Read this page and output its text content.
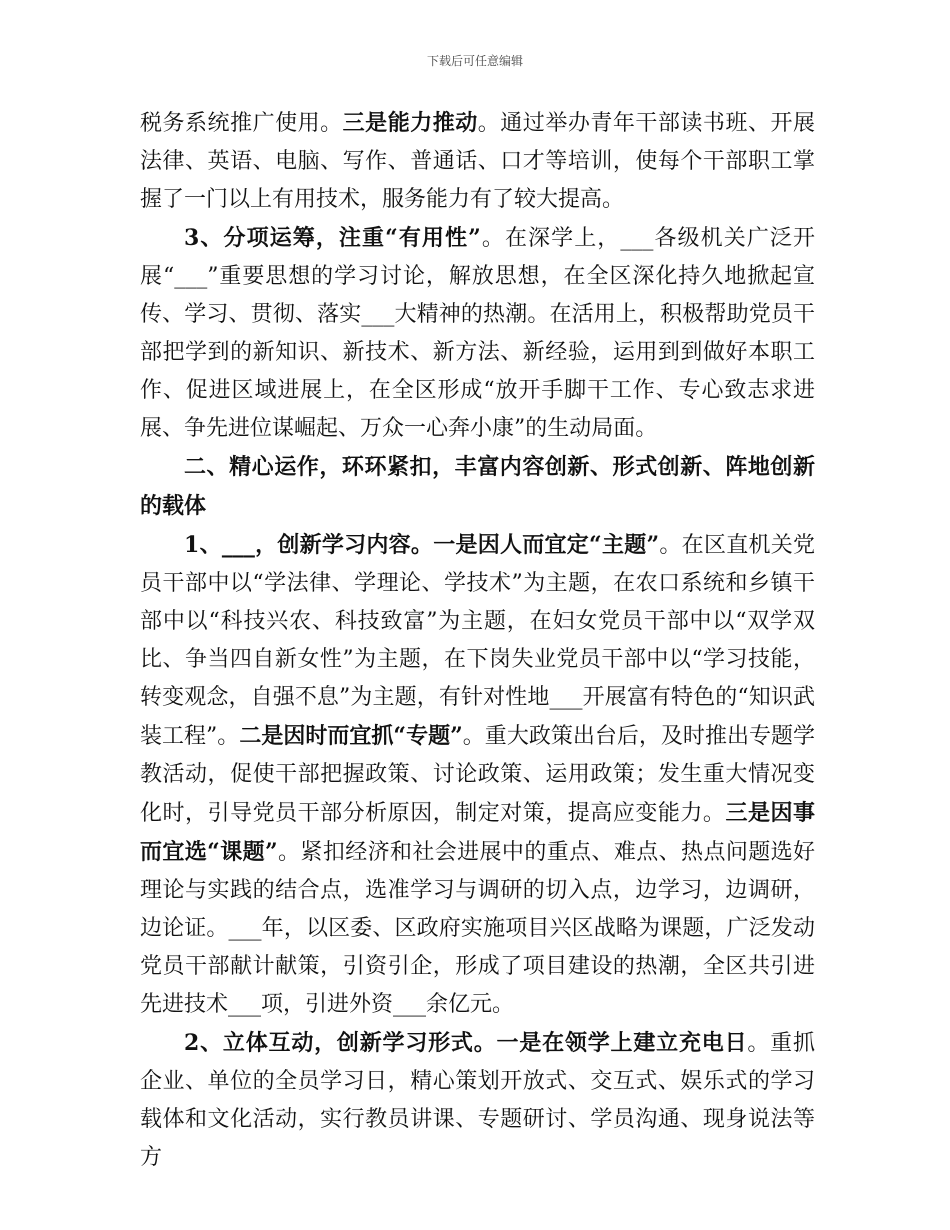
下载后可任意编辑

税务系统推广使用。三是能力推动。通过举办青年干部读书班、开展法律、英语、电脑、写作、普通话、口才等培训，使每个干部职工掌握了一门以上有用技术，服务能力有了较大提高。

3、分项运筹，注重“有用性”。在深学上，___各级机关广泛开展“___”重要思想的学习讨论，解放思想，在全区深化持久地掀起宣传、学习、贯彻、落实___大精神的热潮。在活用上，积极帮助党员干部把学到的新知识、新技术、新方法、新经验，运用到到做好本职工作、促进区域进展上，在全区形成“放开手脚干工作、专心致志求进展、争先进位谋崛起、万众一心奔小康”的生动局面。

二、精心运作，环环紧扣，丰富内容创新、形式创新、阵地创新的载体

1、___，创新学习内容。一是因人而宜定“主题”。在区直机关党员干部中以“学法律、学理论、学技术”为主题，在农口系统和乡镇干部中以“科技兴农、科技致富”为主题，在妇女党员干部中以“双学双比、争当四自新女性”为主题，在下岗失业党员干部中以“学习技能，转变观念，自强不息”为主题，有针对性地___开展富有特色的“知识武装工程”。二是因时而宜抓“专题”。重大政策出台后，及时推出专题学教活动，促使干部把握政策、讨论政策、运用政策；发生重大情况变化时，引导党员干部分析原因，制定对策，提高应变能力。三是因事而宜选“课题”。紧扣经济和社会进展中的重点、难点、热点问题选好理论与实践的结合点，选准学习与调研的切入点，边学习，边调研，边论证。___年，以区委、区政府实施项目兴区战略为课题，广泛发动党员干部献计献策，引资引企，形成了项目建设的热潮，全区共引进先进技术___项，引进外资___余亿元。

2、立体互动，创新学习形式。一是在领学上建立充电日。重抓企业、单位的全员学习日，精心策划开放式、交互式、娱乐式的学习载体和文化活动，实行教员讲课、专题研讨、学员沟通、现身说法等方
